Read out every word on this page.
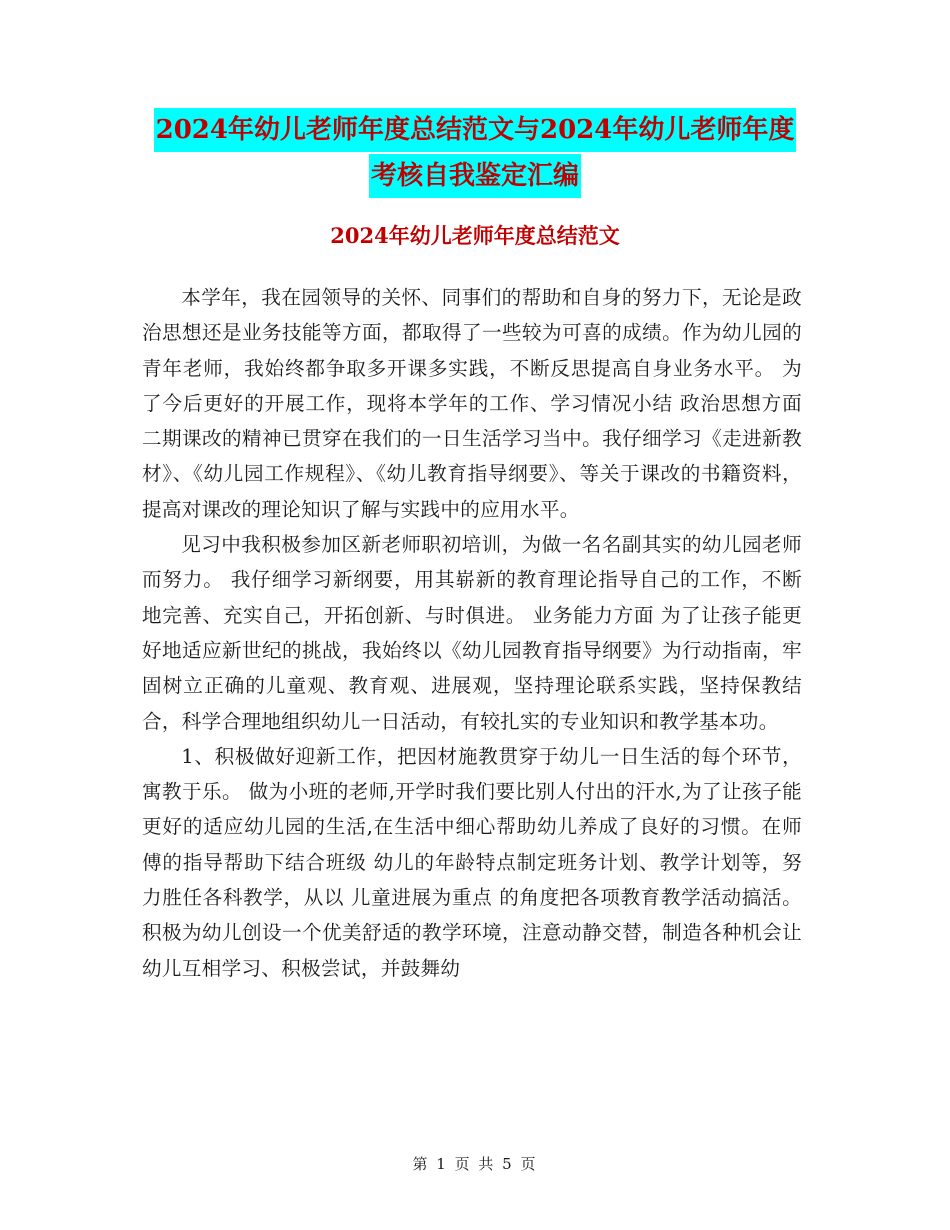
2024年幼儿老师年度总结范文与2024年幼儿老师年度
考核自我鉴定汇编
2024年幼儿老师年度总结范文

本学年，我在园领导的关怀、同事们的帮助和自身的努力下，无论是政治思想还是业务技能等方面，都取得了一些较为可喜的成绩。作为幼儿园的青年老师，我始终都争取多开课多实践，不断反思提高自身业务水平。 为了今后更好的开展工作，现将本学年的工作、学习情况小结 政治思想方面 二期课改的精神已贯穿在我们的一日生活学习当中。我仔细学习《走进新教材》、《幼儿园工作规程》、《幼儿教育指导纲要》、等关于课改的书籍资料，提高对课改的理论知识了解与实践中的应用水平。

见习中我积极参加区新老师职初培训，为做一名名副其实的幼儿园老师而努力。 我仔细学习新纲要，用其崭新的教育理论指导自己的工作，不断地完善、充实自己，开拓创新、与时俱进。 业务能力方面 为了让孩子能更好地适应新世纪的挑战，我始终以《幼儿园教育指导纲要》为行动指南，牢固树立正确的儿童观、教育观、进展观，坚持理论联系实践，坚持保教结合，科学合理地组织幼儿一日活动，有较扎实的专业知识和教学基本功。

1、积极做好迎新工作，把因材施教贯穿于幼儿一日生活的每个环节，寓教于乐。 做为小班的老师,开学时我们要比别人付出的汗水,为了让孩子能更好的适应幼儿园的生活,在生活中细心帮助幼儿养成了良好的习惯。在师傅的指导帮助下结合班级 幼儿的年龄特点制定班务计划、教学计划等，努力胜任各科教学，从以 儿童进展为重点 的角度把各项教育教学活动搞活。积极为幼儿创设一个优美舒适的教学环境，注意动静交替，制造各种机会让幼儿互相学习、积极尝试，并鼓舞幼

第 1 页 共 5 页
